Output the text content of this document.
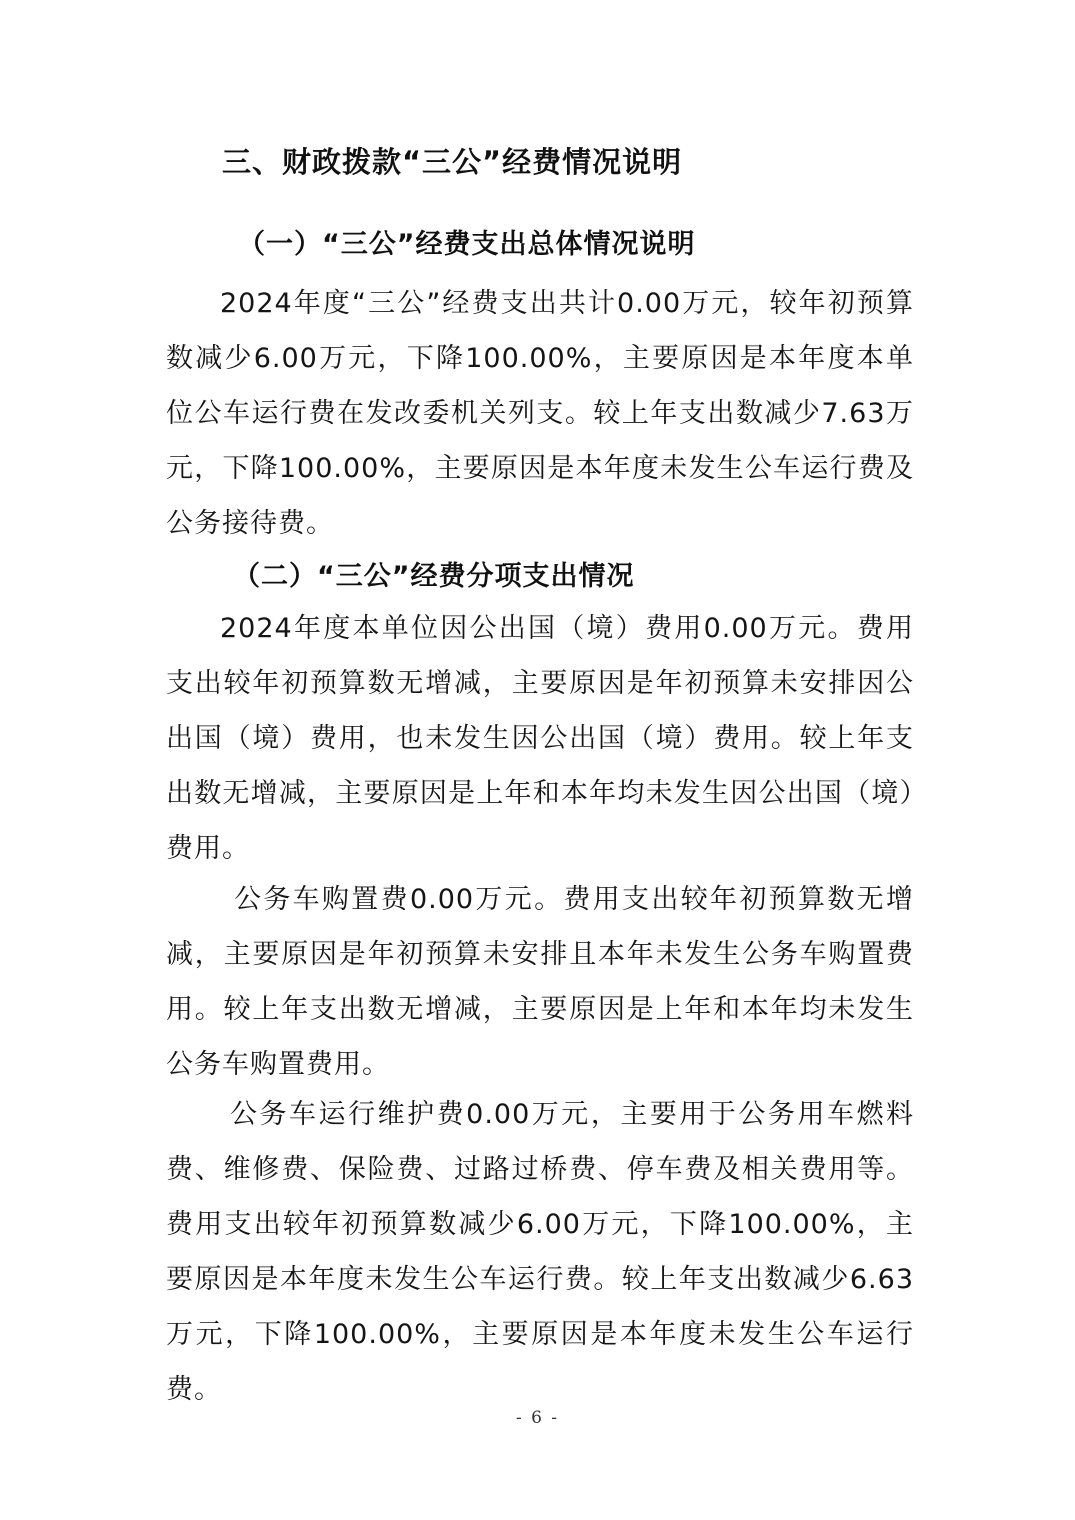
三、财政拨款“三公”经费情况说明
（一）“三公”经费支出总体情况说明

2024年度“三公”经费支出共计0.00万元，较年初预算数减少6.00万元，下降100.00%，主要原因是本年度本单位公车运行费在发改委机关列支。较上年支出数减少7.63万元，下降100.00%，主要原因是本年度未发生公车运行费及公务接待费。

（二）“三公”经费分项支出情况

2024年度本单位因公出国（境）费用0.00万元。费用支出较年初预算数无增减，主要原因是年初预算未安排因公出国（境）费用，也未发生因公出国（境）费用。较上年支出数无增减，主要原因是上年和本年均未发生因公出国（境）费用。

公务车购置费0.00万元。费用支出较年初预算数无增减，主要原因是年初预算未安排且本年未发生公务车购置费用。较上年支出数无增减，主要原因是上年和本年均未发生公务车购置费用。

公务车运行维护费0.00万元，主要用于公务用车燃料费、维修费、保险费、过路过桥费、停车费及相关费用等。费用支出较年初预算数减少6.00万元，下降100.00%，主要原因是本年度未发生公车运行费。较上年支出数减少6.63万元，下降100.00%，主要原因是本年度未发生公车运行费。

- 6 -
